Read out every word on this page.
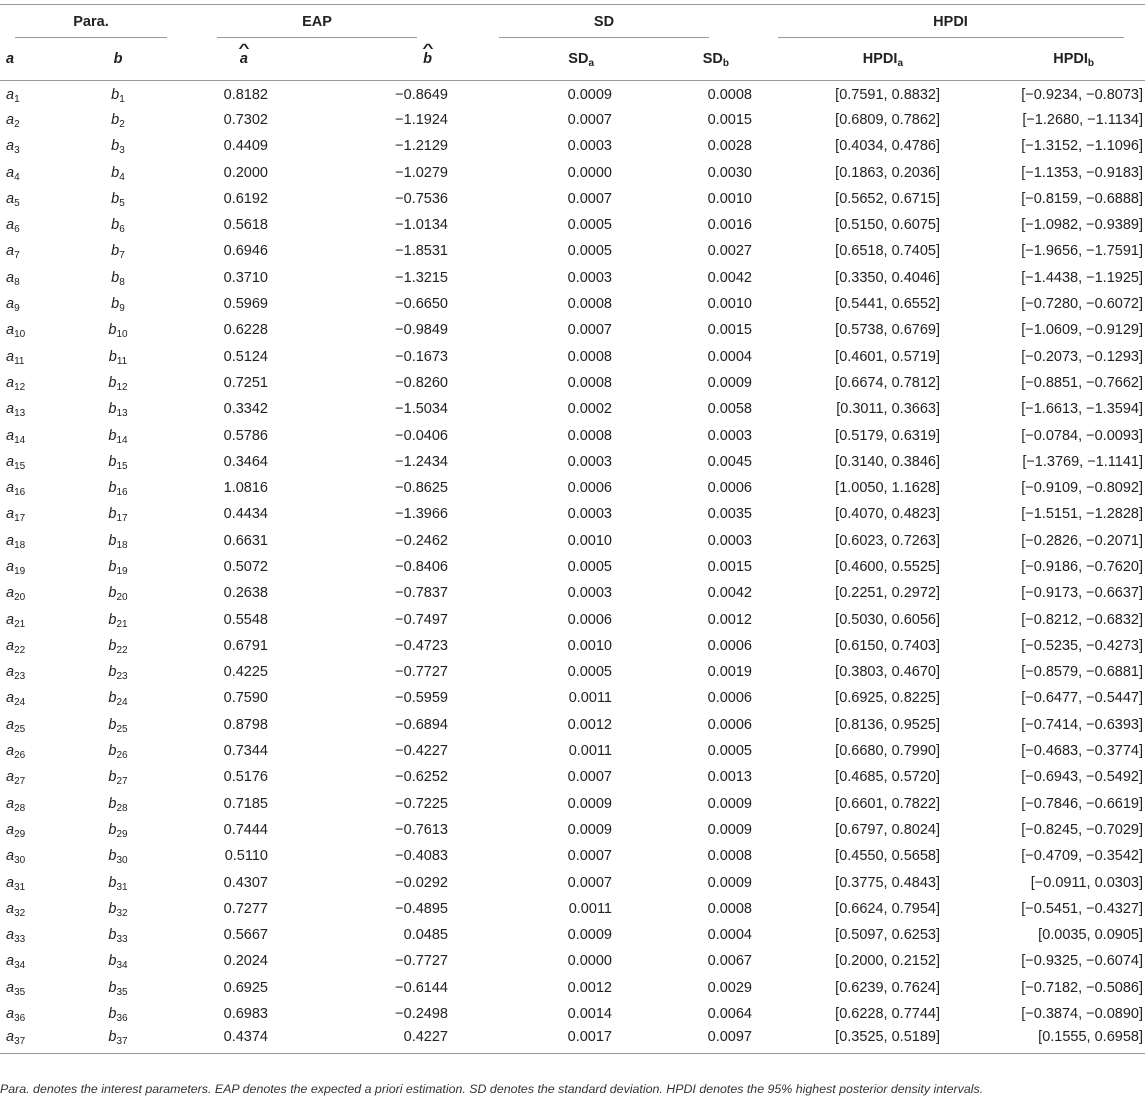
Para.		EAP		SD		HPDI	

a	b	^ a	^ b	$SD_a$	$SD_b$	$HPDI_a$	$HPDI_b$
$a_1$	$b_1$	0.8182	−0.8649	0.0009	0.0008	[0.7591, 0.8832]	[−0.9234, −0.8073]
$a_2$	$b_2$	0.7302	−1.1924	0.0007	0.0015	[0.6809, 0.7862]	[−1.2680, −1.1134]
$a_3$	$b_3$	0.4409	−1.2129	0.0003	0.0028	[0.4034, 0.4786]	[−1.3152, −1.1096]
$a_4$	$b_4$	0.2000	−1.0279	0.0000	0.0030	[0.1863, 0.2036]	[−1.1353, −0.9183]
$a_5$	$b_5$	0.6192	−0.7536	0.0007	0.0010	[0.5652, 0.6715]	[−0.8159, −0.6888]
$a_6$	$b_6$	0.5618	−1.0134	0.0005	0.0016	[0.5150, 0.6075]	[−1.0982, −0.9389]
$a_7$	$b_7$	0.6946	−1.8531	0.0005	0.0027	[0.6518, 0.7405]	[−1.9656, −1.7591]
$a_8$	$b_8$	0.3710	−1.3215	0.0003	0.0042	[0.3350, 0.4046]	[−1.4438, −1.1925]
$a_9$	$b_9$	0.5969	−0.6650	0.0008	0.0010	[0.5441, 0.6552]	[−0.7280, −0.6072]
$a_{10}$	$b_{10}$	0.6228	−0.9849	0.0007	0.0015	[0.5738, 0.6769]	[−1.0609, −0.9129]
$a_{11}$	$b_{11}$	0.5124	−0.1673	0.0008	0.0004	[0.4601, 0.5719]	[−0.2073, −0.1293]
$a_{12}$	$b_{12}$	0.7251	−0.8260	0.0008	0.0009	[0.6674, 0.7812]	[−0.8851, −0.7662]
$a_{13}$	$b_{13}$	0.3342	−1.5034	0.0002	0.0058	[0.3011, 0.3663]	[−1.6613, −1.3594]
$a_{14}$	$b_{14}$	0.5786	−0.0406	0.0008	0.0003	[0.5179, 0.6319]	[−0.0784, −0.0093]
$a_{15}$	$b_{15}$	0.3464	−1.2434	0.0003	0.0045	[0.3140, 0.3846]	[−1.3769, −1.1141]
$a_{16}$	$b_{16}$	1.0816	−0.8625	0.0006	0.0006	[1.0050, 1.1628]	[−0.9109, −0.8092]
$a_{17}$	$b_{17}$	0.4434	−1.3966	0.0003	0.0035	[0.4070, 0.4823]	[−1.5151, −1.2828]
$a_{18}$	$b_{18}$	0.6631	−0.2462	0.0010	0.0003	[0.6023, 0.7263]	[−0.2826, −0.2071]
$a_{19}$	$b_{19}$	0.5072	−0.8406	0.0005	0.0015	[0.4600, 0.5525]	[−0.9186, −0.7620]
$a_{20}$	$b_{20}$	0.2638	−0.7837	0.0003	0.0042	[0.2251, 0.2972]	[−0.9173, −0.6637]
$a_{21}$	$b_{21}$	0.5548	−0.7497	0.0006	0.0012	[0.5030, 0.6056]	[−0.8212, −0.6832]
$a_{22}$	$b_{22}$	0.6791	−0.4723	0.0010	0.0006	[0.6150, 0.7403]	[−0.5235, −0.4273]
$a_{23}$	$b_{23}$	0.4225	−0.7727	0.0005	0.0019	[0.3803, 0.4670]	[−0.8579, −0.6881]
$a_{24}$	$b_{24}$	0.7590	−0.5959	0.0011	0.0006	[0.6925, 0.8225]	[−0.6477, −0.5447]
$a_{25}$	$b_{25}$	0.8798	−0.6894	0.0012	0.0006	[0.8136, 0.9525]	[−0.7414, −0.6393]
$a_{26}$	$b_{26}$	0.7344	−0.4227	0.0011	0.0005	[0.6680, 0.7990]	[−0.4683, −0.3774]
$a_{27}$	$b_{27}$	0.5176	−0.6252	0.0007	0.0013	[0.4685, 0.5720]	[−0.6943, −0.5492]
$a_{28}$	$b_{28}$	0.7185	−0.7225	0.0009	0.0009	[0.6601, 0.7822]	[−0.7846, −0.6619]
$a_{29}$	$b_{29}$	0.7444	−0.7613	0.0009	0.0009	[0.6797, 0.8024]	[−0.8245, −0.7029]
$a_{30}$	$b_{30}$	0.5110	−0.4083	0.0007	0.0008	[0.4550, 0.5658]	[−0.4709, −0.3542]
$a_{31}$	$b_{31}$	0.4307	−0.0292	0.0007	0.0009	[0.3775, 0.4843]	[−0.0911, 0.0303]
$a_{32}$	$b_{32}$	0.7277	−0.4895	0.0011	0.0008	[0.6624, 0.7954]	[−0.5451, −0.4327]
$a_{33}$	$b_{33}$	0.5667	0.0485	0.0009	0.0004	[0.5097, 0.6253]	[0.0035, 0.0905]
$a_{34}$	$b_{34}$	0.2024	−0.7727	0.0000	0.0067	[0.2000, 0.2152]	[−0.9325, −0.6074]
$a_{35}$	$b_{35}$	0.6925	−0.6144	0.0012	0.0029	[0.6239, 0.7624]	[−0.7182, −0.5086]
$a_{36}$	$b_{36}$	0.6983	−0.2498	0.0014	0.0064	[0.6228, 0.7744]	[−0.3874, −0.0890]
$a_{37}$	$b_{37}$	0.4374	0.4227	0.0017	0.0097	[0.3525, 0.5189]	[0.1555, 0.6958]
Para. denotes the interest parameters. EAP denotes the expected a priori estimation. SD denotes the standard deviation. HPDI denotes the 95% highest posterior density intervals.
